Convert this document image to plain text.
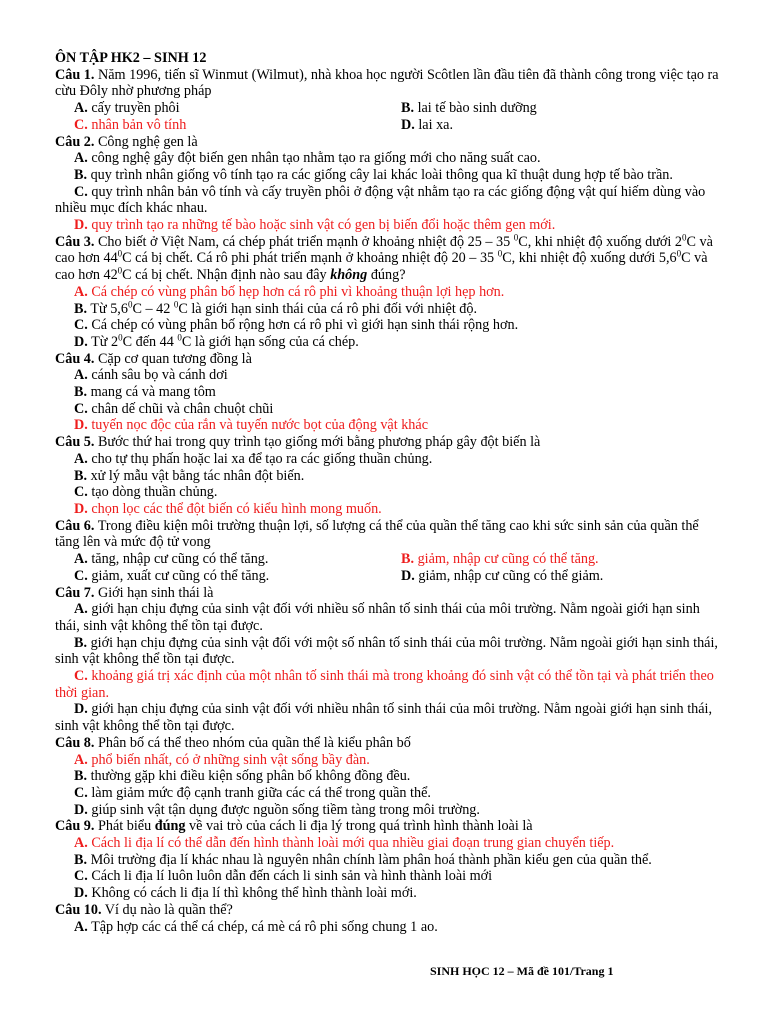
ÔN TẬP HK2 – SINH 12
Câu 1. Năm 1996, tiến sĩ Winmut (Wilmut), nhà khoa học người Scôtlen lần đầu tiên đã thành công trong việc tạo ra cừu Đôly nhờ phương pháp
A. cấy truyền phôi	B. lai tế bào sinh dưỡng
C. nhân bản vô tính	D. lai xa.
Câu 2. Công nghệ gen là
A. công nghệ gây đột biến gen nhân tạo nhằm tạo ra giống mới cho năng suất cao.
B. quy trình nhân giống vô tính tạo ra các giống cây lai khác loài thông qua kĩ thuật dung hợp tế bào trần.
C. quy trình nhân bản vô tính và cấy truyền phôi ở động vật nhằm tạo ra các giống động vật quí hiếm dùng vào nhiều mục đích khác nhau.
D. quy trình tạo ra những tế bào hoặc sinh vật có gen bị biến đổi hoặc thêm gen mới.
Câu 3. Cho biết ở Việt Nam, cá chép phát triển mạnh ở khoảng nhiệt độ 25 – 35 $^0$C, khi nhiệt độ xuống dưới $2^0C$ và cao hơn $44^0C$ cá bị chết. Cá rô phi phát triển mạnh ở khoảng nhiệt độ 20 – 35 $^0$C, khi nhiệt độ xuống dưới $5,6^0C$ và cao hơn $42^0C$ cá bị chết. Nhận định nào sau đây không đúng?
A. Cá chép có vùng phân bố hẹp hơn cá rô phi vì khoảng thuận lợi hẹp hơn.
B. Từ $5,6^0C - 42$ $^0$C là giới hạn sinh thái của cá rô phi đối với nhiệt độ.
C. Cá chép có vùng phân bố rộng hơn cá rô phi vì giới hạn sinh thái rộng hơn.
D. Từ $2^0C$ đến 44 $^0$C là giới hạn sống của cá chép.
Câu 4. Cặp cơ quan tương đồng là
A. cánh sâu bọ và cánh dơi
B. mang cá và mang tôm
C. chân dế chũi và chân chuột chũi
D. tuyến nọc độc của rắn và tuyến nước bọt của động vật khác
Câu 5. Bước thứ hai trong quy trình tạo giống mới bằng phương pháp gây đột biến là
A. cho tự thụ phấn hoặc lai xa để tạo ra các giống thuần chủng.
B. xử lý mẫu vật bằng tác nhân đột biến.
C. tạo dòng thuần chủng.
D. chọn lọc các thể đột biến có kiểu hình mong muốn.
Câu 6. Trong điều kiện môi trường thuận lợi, số lượng cá thể của quần thể tăng cao khi sức sinh sản của quần thể tăng lên và mức độ tử vong
A. tăng, nhập cư cũng có thể tăng.	B. giảm, nhập cư cũng có thể tăng.
C. giảm, xuất cư cũng có thể tăng.	D. giảm, nhập cư cũng có thể giảm.
Câu 7. Giới hạn sinh thái là
A. giới hạn chịu đựng của sinh vật đối với nhiều số nhân tố sinh thái của môi trường. Nằm ngoài giới hạn sinh thái, sinh vật không thể tồn tại được.
B. giới hạn chịu đựng của sinh vật đối với một số nhân tố sinh thái của môi trường. Nằm ngoài giới hạn sinh thái, sinh vật không thể tồn tại được.
C. khoảng giá trị xác định của một nhân tố sinh thái mà trong khoảng đó sinh vật có thể tồn tại và phát triển theo thời gian.
D. giới hạn chịu đựng của sinh vật đối với nhiều nhân tố sinh thái của môi trường. Nằm ngoài giới hạn sinh thái, sinh vật không thể tồn tại được.
Câu 8. Phân bố cá thể theo nhóm của quần thể là kiểu phân bố
A. phổ biến nhất, có ở những sinh vật sống bầy đàn.
B. thường gặp khi điều kiện sống phân bố không đồng đều.
C. làm giảm mức độ cạnh tranh giữa các cá thể trong quần thể.
D. giúp sinh vật tận dụng được nguồn sống tiềm tàng trong môi trường.
Câu 9. Phát biểu đúng về vai trò của cách li địa lý trong quá trình hình thành loài là
A. Cách li địa lí có thể dẫn đến hình thành loài mới qua nhiều giai đoạn trung gian chuyển tiếp.
B. Môi trường địa lí khác nhau là nguyên nhân chính làm phân hoá thành phần kiểu gen của quần thể.
C. Cách li địa lí luôn luôn dẫn đến cách li sinh sản và hình thành loài mới
D. Không có cách li địa lí thì không thể hình thành loài mới.
Câu 10. Ví dụ nào là quần thể?
A. Tập hợp các cá thể cá chép, cá mè cá rô phi sống chung 1 ao.
SINH HỌC 12 – Mã đề 101/Trang 1
